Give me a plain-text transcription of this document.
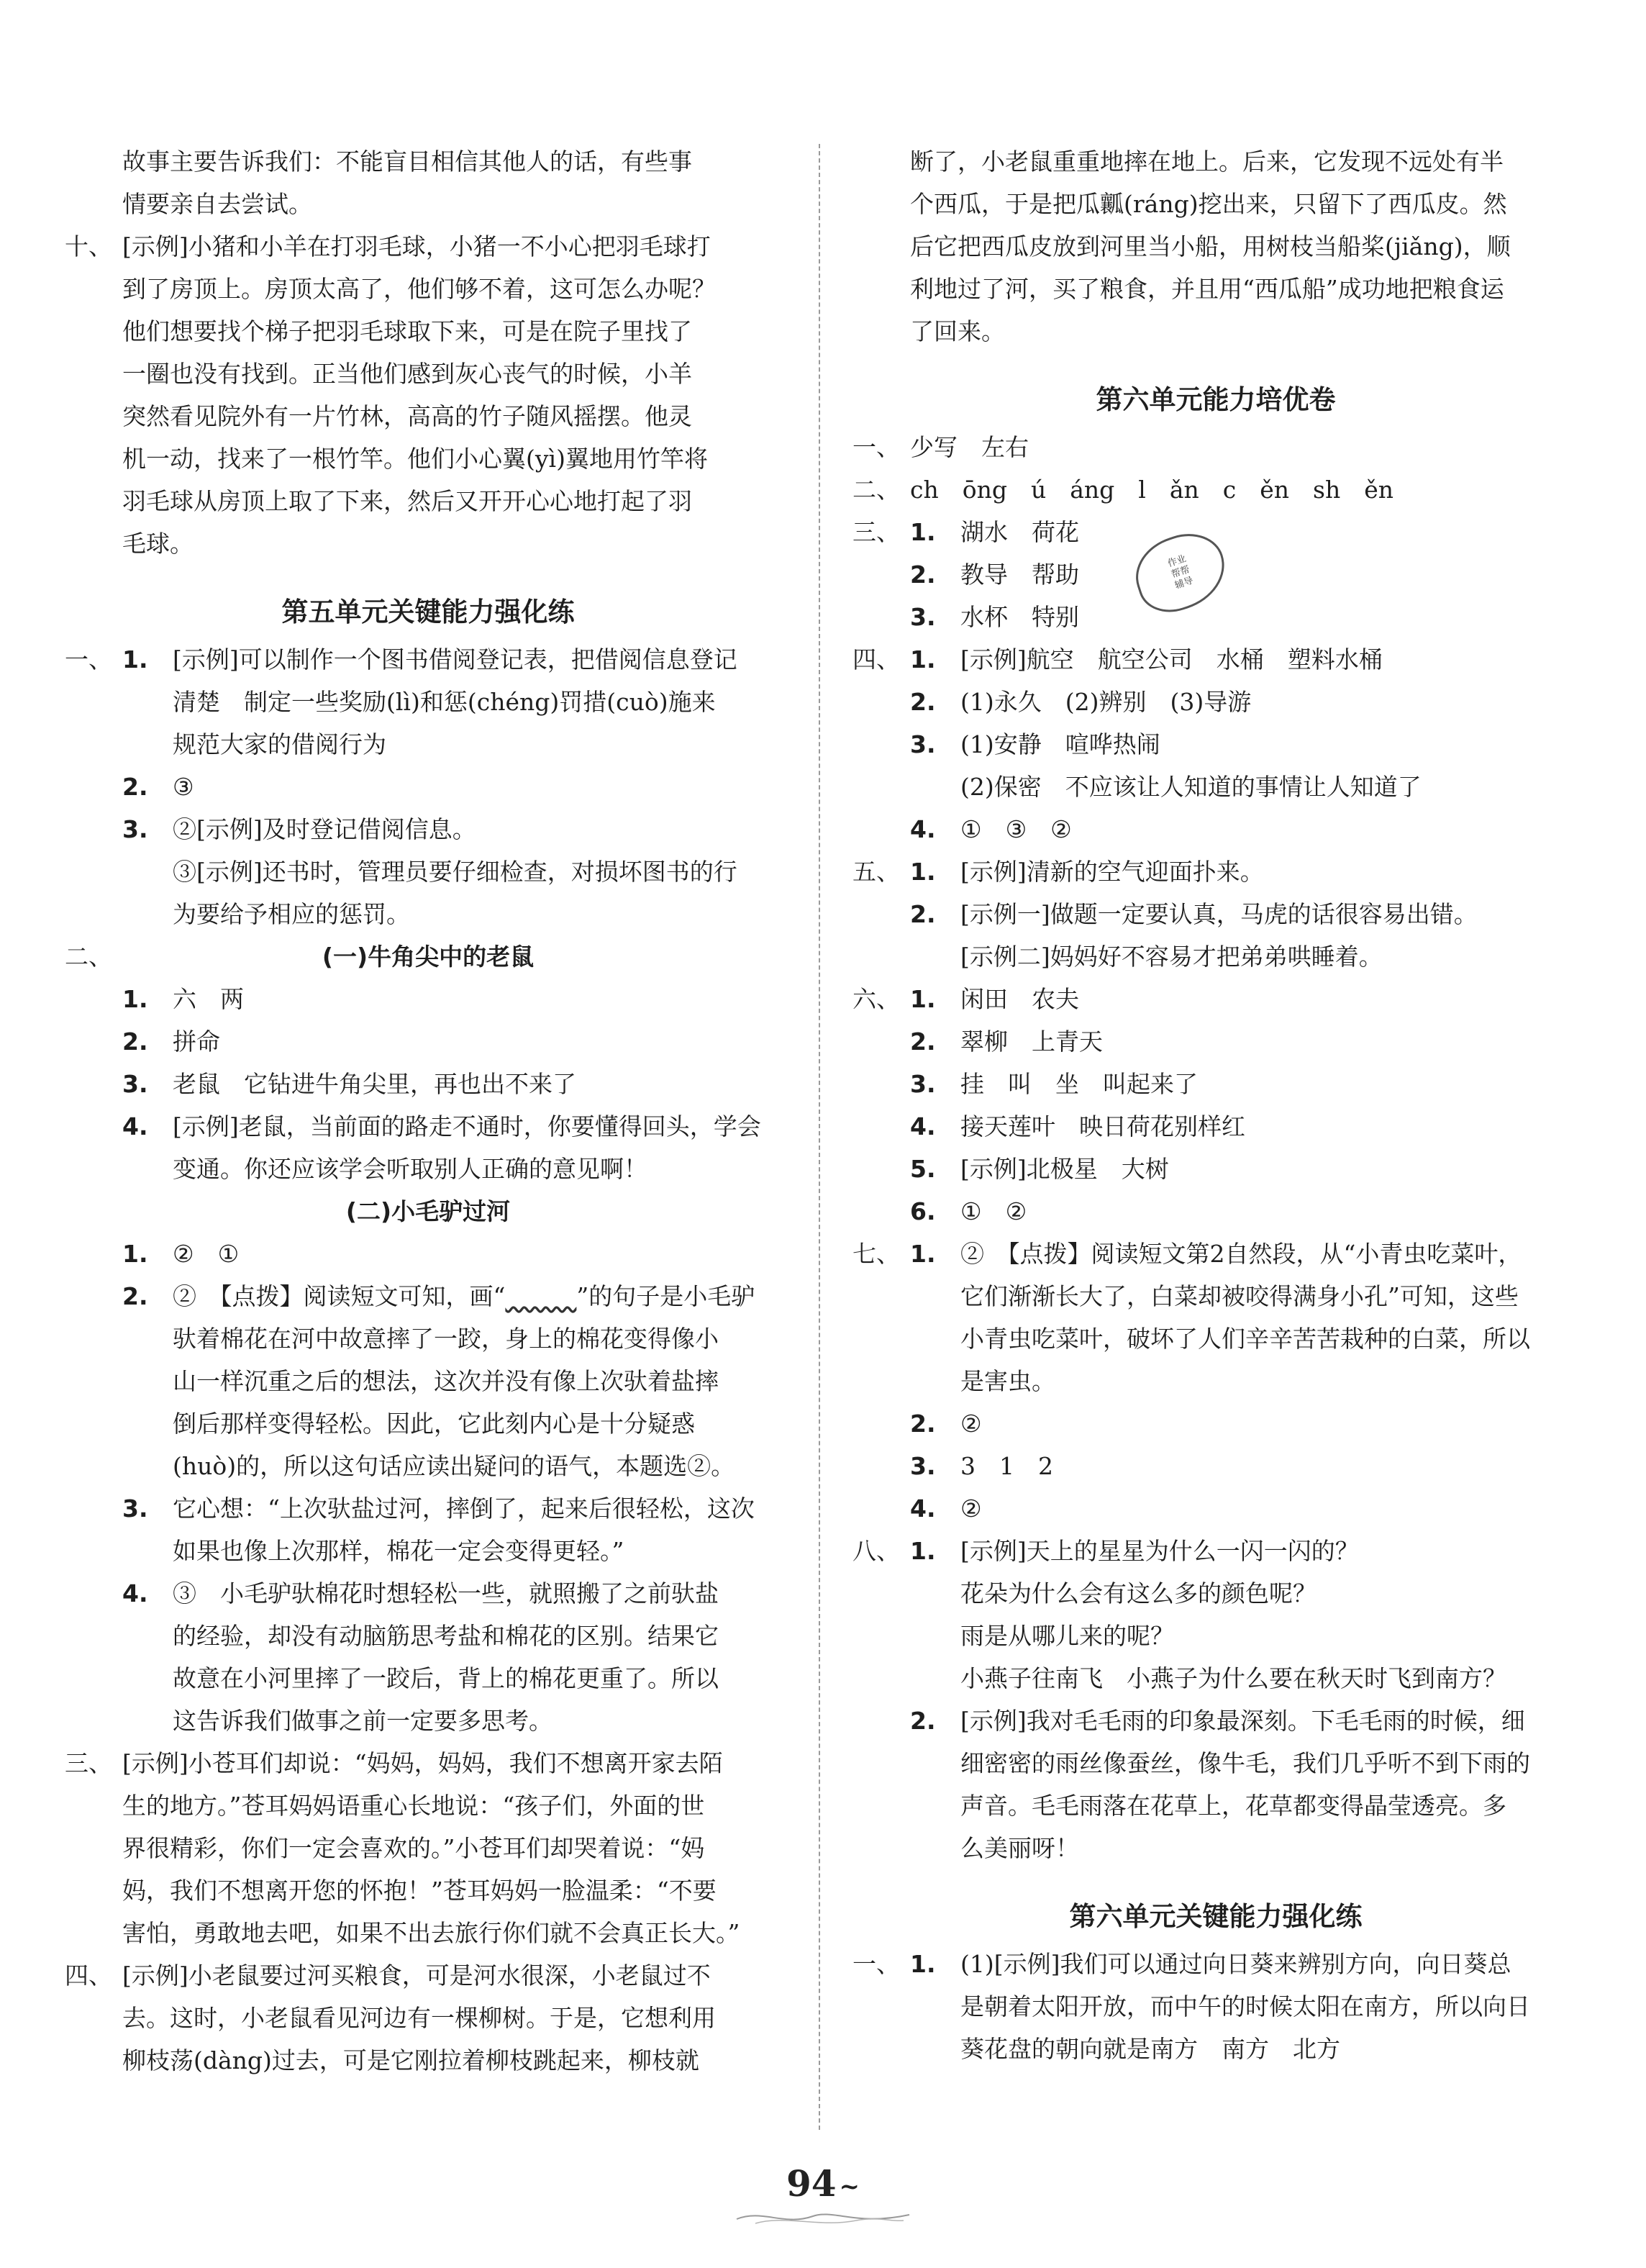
故事主要告诉我们：不能盲目相信其他人的话，有些事
情要亲自去尝试。
十、 [示例]小猪和小羊在打羽毛球，小猪一不小心把羽毛球打
到了房顶上。房顶太高了，他们够不着，这可怎么办呢？
他们想要找个梯子把羽毛球取下来，可是在院子里找了
一圈也没有找到。正当他们感到灰心丧气的时候，小羊
突然看见院外有一片竹林，高高的竹子随风摇摆。他灵
机一动，找来了一根竹竿。他们小心翼(yì)翼地用竹竿将
羽毛球从房顶上取了下来，然后又开开心心地打起了羽
毛球。
第五单元关键能力强化练
一、 1.	[示例]可以制作一个图书借阅登记表，把借阅信息登记
清楚　制定一些奖励(lì)和惩(chéng)罚措(cuò)施来
规范大家的借阅行为
2.	③
3.	②[示例]及时登记借阅信息。
③[示例]还书时，管理员要仔细检查，对损坏图书的行
为要给予相应的惩罚。
二、	(一)牛角尖中的老鼠
1.	六　两
2.	拼命
3.	老鼠　它钻进牛角尖里，再也出不来了
4.	[示例]老鼠，当前面的路走不通时，你要懂得回头，学会
变通。你还应该学会听取别人正确的意见啊！
(二)小毛驴过河
1.	②　①
2.	②　【点拨】阅读短文可知，画“
　　　	”的句子是小毛驴
驮着棉花在河中故意摔了一跤，身上的棉花变得像小
山一样沉重之后的想法，这次并没有像上次驮着盐摔
倒后那样变得轻松。因此，它此刻内心是十分疑惑
(huò)的，所以这句话应读出疑问的语气，本题选②。
3.	它心想：“上次驮盐过河，摔倒了，起来后很轻松，这次
如果也像上次那样，棉花一定会变得更轻。”
4.	③　小毛驴驮棉花时想轻松一些，就照搬了之前驮盐
的经验，却没有动脑筋思考盐和棉花的区别。结果它
故意在小河里摔了一跤后，背上的棉花更重了。所以
这告诉我们做事之前一定要多思考。
三、 [示例]小苍耳们却说：“妈妈，妈妈，我们不想离开家去陌
生的地方。”苍耳妈妈语重心长地说：“孩子们，外面的世
界很精彩，你们一定会喜欢的。”小苍耳们却哭着说：“妈
妈，我们不想离开您的怀抱！”苍耳妈妈一脸温柔：“不要
害怕，勇敢地去吧，如果不出去旅行你们就不会真正长大。”
四、 [示例]小老鼠要过河买粮食，可是河水很深，小老鼠过不
去。这时，小老鼠看见河边有一棵柳树。于是，它想利用
柳枝荡(dàng)过去，可是它刚拉着柳枝跳起来，柳枝就
断了，小老鼠重重地摔在地上。后来，它发现不远处有半
个西瓜，于是把瓜瓤(ráng)挖出来，只留下了西瓜皮。然
后它把西瓜皮放到河里当小船，用树枝当船桨(jiǎng)，顺
利地过了河，买了粮食，并且用“西瓜船”成功地把粮食运
了回来。
第六单元能力培优卷
一、 少写　左右
二、 ch　ōng　ú　áng　l　ǎn　c　ěn　sh　ěn
三、 1.	湖水　荷花
2.	教导　帮助
3.	水杯　特别
四、 1.	[示例]航空　航空公司　水桶　塑料水桶
2.	(1)永久　(2)辨别　(3)导游
3.	(1)安静　喧哗热闹
(2)保密　不应该让人知道的事情让人知道了
4.	①　③　②
五、 1.	[示例]清新的空气迎面扑来。
2.	[示例一]做题一定要认真，马虎的话很容易出错。
[示例二]妈妈好不容易才把弟弟哄睡着。
六、 1.	闲田　农夫
2.	翠柳　上青天
3.	挂　叫　坐　叫起来了
4.	接天莲叶　映日荷花别样红
5.	[示例]北极星　大树
6.	①　②
七、 1.	②　【点拨】阅读短文第2自然段，从“小青虫吃菜叶，
它们渐渐长大了，白菜却被咬得满身小孔”可知，这些
小青虫吃菜叶，破坏了人们辛辛苦苦栽种的白菜，所以
是害虫。
2.	②
3.	3　1　2
4.	②
八、 1.	[示例]天上的星星为什么一闪一闪的？
花朵为什么会有这么多的颜色呢？
雨是从哪儿来的呢？
小燕子往南飞　小燕子为什么要在秋天时飞到南方？
2.	[示例]我对毛毛雨的印象最深刻。下毛毛雨的时候，细
细密密的雨丝像蚕丝，像牛毛，我们几乎听不到下雨的
声音。毛毛雨落在花草上，花草都变得晶莹透亮。多
么美丽呀！
第六单元关键能力强化练
一、 1.	(1)[示例]我们可以通过向日葵来辨别方向，向日葵总
是朝着太阳开放，而中午的时候太阳在南方，所以向日
葵花盘的朝向就是南方　南方　北方
作业
帮帮
辅导
94 ~
